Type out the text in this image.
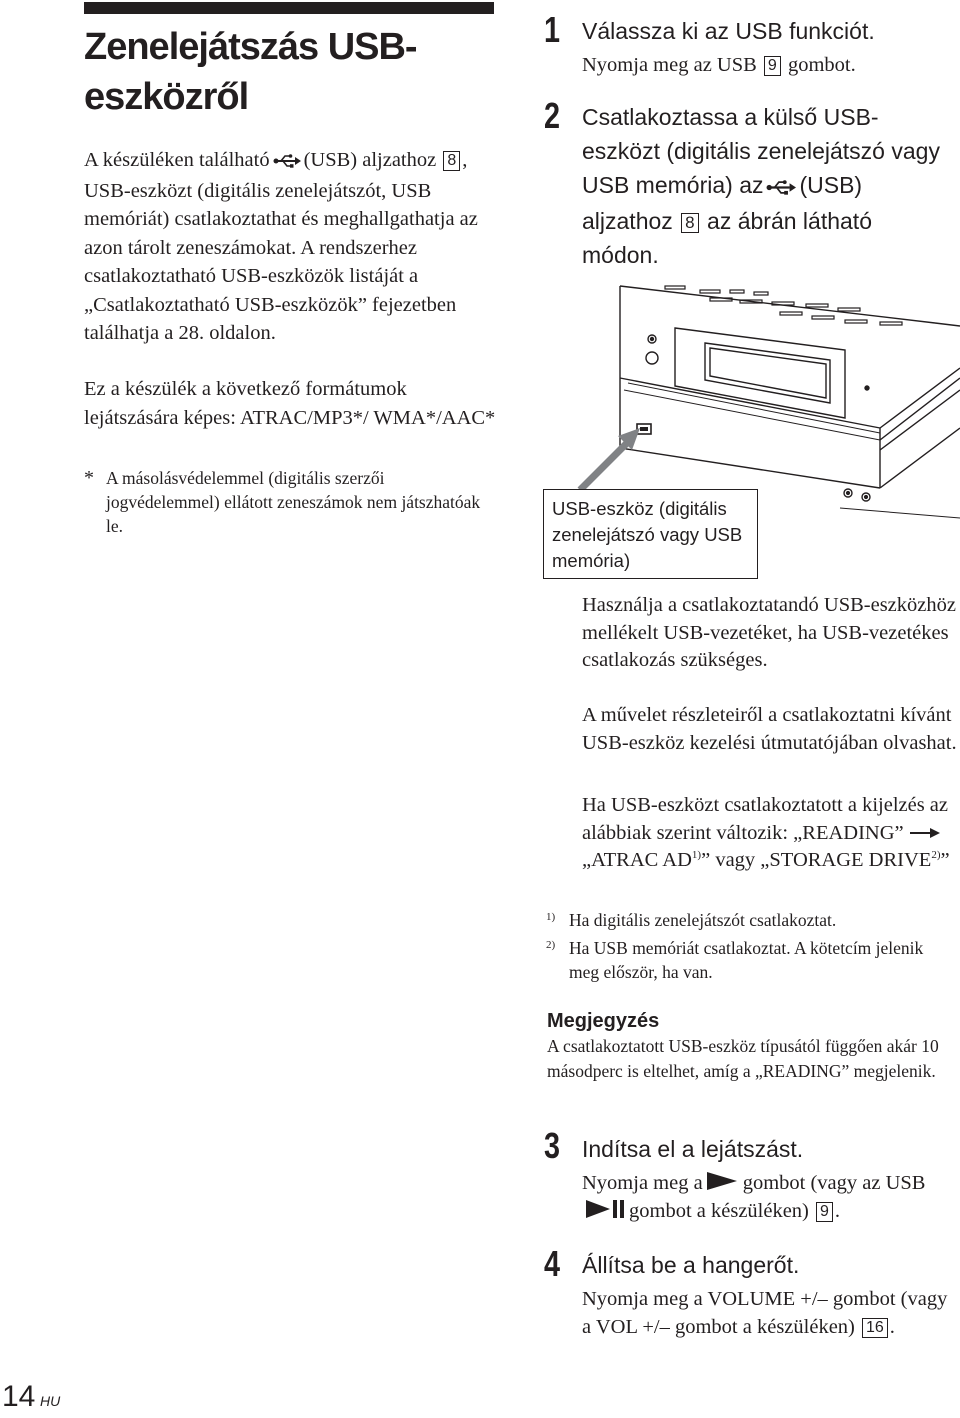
Zenelejátszás USB-eszközről

A készüléken található (USB) aljzathoz 8 , USB-eszközt (digitális zenelejátszót, USB memóriát) csatlakoztathat és meghallgathatja az azon tárolt zeneszámokat. A rendszerhez csatlakoztatható USB-eszközök listáját a „Csatlakoztatható USB-eszközök” fejezetben találhatja a 28. oldalon.

Ez a készülék a következő formátumok lejátszására képes: ATRAC/MP3*/ WMA*/AAC*

* A másolásvédelemmel (digitális szerzői jogvédelemmel) ellátott zeneszámok nem játszhatóak le.
1 Válassza ki az USB funkciót.
Nyomja meg az USB 9 gombot.
2 Csatlakoztassa a külső USB-eszközt (digitális zenelejátszó vagy USB memória) az (USB) aljzathoz 8 az ábrán látható módon.
USB-eszköz (digitális zenelejátszó vagy USB memória)
Használja a csatlakoztatandó USB-eszközhöz mellékelt USB-vezetéket, ha USB-vezetékes csatlakozás szükséges.
A művelet részleteiről a csatlakoztatni kívánt USB-eszköz kezelési útmutatójában olvashat.
Ha USB-eszközt csatlakoztatott a kijelzés az alábbiak szerint változik: „READING”„ATRAC AD$^{1)}$” vagy „STORAGE DRIVE$^{2)}$”
1) Ha digitális zenelejátszót csatlakoztat.
2) Ha USB memóriát csatlakoztat. A kötetcím jelenik meg először, ha van.
Megjegyzés
A csatlakoztatott USB-eszköz típusától függően akár 10 másodperc is eltelhet, amíg a „READING” megjelenik.
3 Indítsa el a lejátszást.
Nyomja meg a gombot (vagy az USB
gombot a készüléken) 9 .
4 Állítsa be a hangerőt.
Nyomja meg a VOLUME +/– gombot (vagy a VOL +/– gombot a készüléken) 16 .
14 HU
